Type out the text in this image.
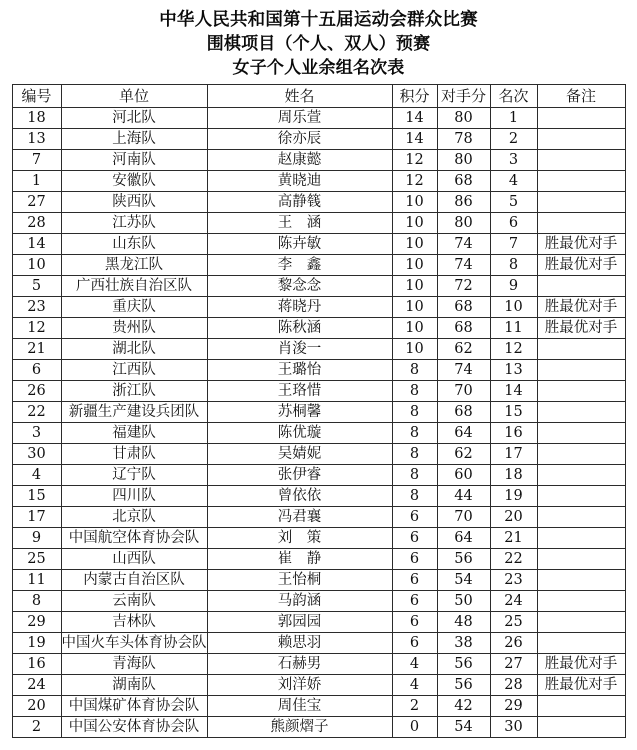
中华人民共和国第十五届运动会群众比赛
围棋项目（个人、双人）预赛
女子个人业余组名次表
编号	单位	姓名	积分	对手分	名次	备注
18	河北队	周乐萱	14	80	1	
13	上海队	徐亦辰	14	78	2	
7	河南队	赵康懿	12	80	3	
1	安徽队	黄晓迪	12	68	4	
27	陕西队	高静篯	10	86	5	
28	江苏队	王　涵	10	80	6	
14	山东队	陈卉敏	10	74	7	胜最优对手
10	黑龙江队	李　鑫	10	74	8	胜最优对手
5	广西壮族自治区队	黎念念	10	72	9	
23	重庆队	蒋晓丹	10	68	10	胜最优对手
12	贵州队	陈秋涵	10	68	11	胜最优对手
21	湖北队	肖浚一	10	62	12	
6	江西队	王璐怡	8	74	13	
26	浙江队	王珞惜	8	70	14	
22	新疆生产建设兵团队	苏桐馨	8	68	15	
3	福建队	陈优璇	8	64	16	
30	甘肃队	吴婧妮	8	62	17	
4	辽宁队	张伊睿	8	60	18	
15	四川队	曾依依	8	44	19	
17	北京队	冯君襄	6	70	20	
9	中国航空体育协会队	刘　策	6	64	21	
25	山西队	崔　静	6	56	22	
11	内蒙古自治区队	王怡桐	6	54	23	
8	云南队	马韵涵	6	50	24	
29	吉林队	郭园园	6	48	25	
19	中国火车头体育协会队	赖思羽	6	38	26	
16	青海队	石赫男	4	56	27	胜最优对手
24	湖南队	刘洋娇	4	56	28	胜最优对手
20	中国煤矿体育协会队	周佳宝	2	42	29	
2	中国公安体育协会队	熊颜熠子	0	54	30	
